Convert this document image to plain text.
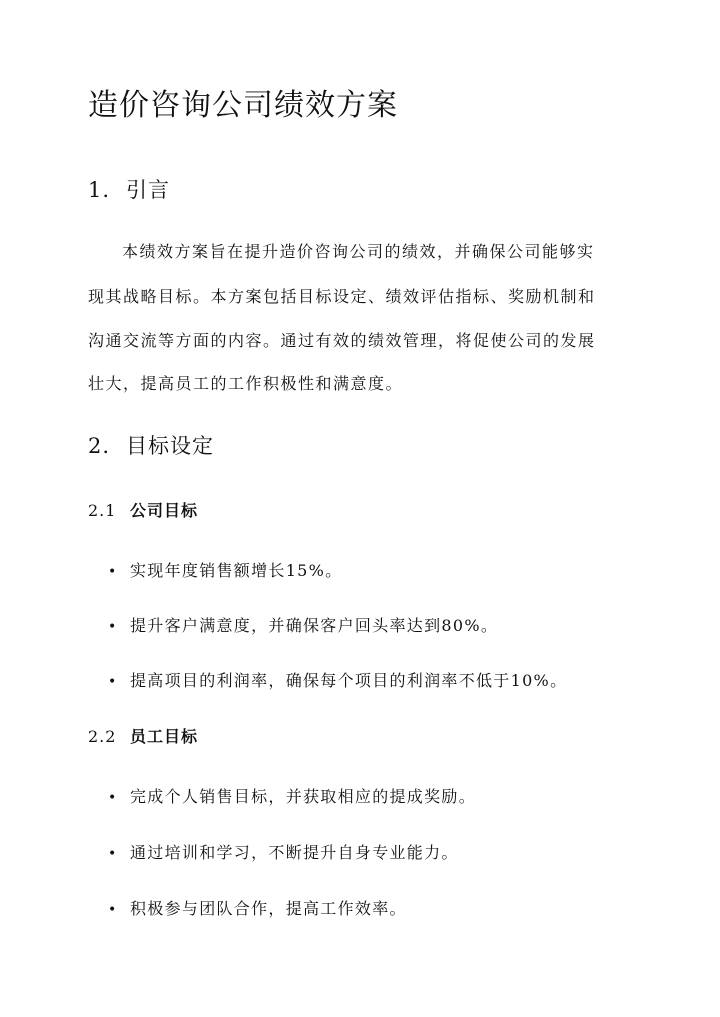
造价咨询公司绩效方案
1. 引言

本绩效方案旨在提升造价咨询公司的绩效，并确保公司能够实

现其战略目标。本方案包括目标设定、绩效评估指标、奖励机制和

沟通交流等方面的内容。通过有效的绩效管理，将促使公司的发展

壮大，提高员工的工作积极性和满意度。

2. 目标设定
2.1 公司目标

• 实现年度销售额增长15%。

• 提升客户满意度，并确保客户回头率达到80%。

• 提高项目的利润率，确保每个项目的利润率不低于10%。

2.2 员工目标

• 完成个人销售目标，并获取相应的提成奖励。

• 通过培训和学习，不断提升自身专业能力。

• 积极参与团队合作，提高工作效率。
